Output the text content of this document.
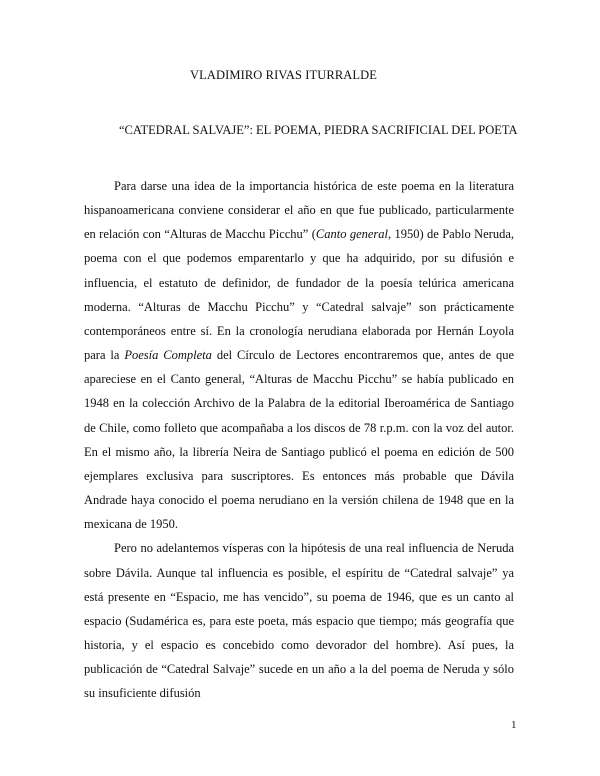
VLADIMIRO RIVAS ITURRALDE
“CATEDRAL SALVAJE”: EL POEMA, PIEDRA SACRIFICIAL DEL POETA

Para darse una idea de la importancia histórica de este poema en la literatura hispanoamericana conviene considerar el año en que fue publicado, particularmente en relación con “Alturas de Macchu Picchu” (Canto general, 1950) de Pablo Neruda, poema con el que podemos emparentarlo y que ha adquirido, por su difusión e influencia, el estatuto de definidor, de fundador de la poesía telúrica americana moderna. “Alturas de Macchu Picchu” y “Catedral salvaje” son prácticamente contemporáneos entre sí. En la cronología nerudiana elaborada por Hernán Loyola para la Poesía Completa del Círculo de Lectores encontraremos que, antes de que apareciese en el Canto general, “Alturas de Macchu Picchu” se había publicado en 1948 en la colección Archivo de la Palabra de la editorial Iberoamérica de Santiago de Chile, como folleto que acompañaba a los discos de 78 r.p.m. con la voz del autor. En el mismo año, la librería Neira de Santiago publicó el poema en edición de 500 ejemplares exclusiva para suscriptores. Es entonces más probable que Dávila Andrade haya conocido el poema nerudiano en la versión chilena de 1948 que en la mexicana de 1950.

Pero no adelantemos vísperas con la hipótesis de una real influencia de Neruda sobre Dávila. Aunque tal influencia es posible, el espíritu de “Catedral salvaje” ya está presente en “Espacio, me has vencido”, su poema de 1946, que es un canto al espacio (Sudamérica es, para este poeta, más espacio que tiempo; más geografía que historia, y el espacio es concebido como devorador del hombre). Así pues, la publicación de “Catedral Salvaje” sucede en un año a la del poema de Neruda y sólo su insuficiente difusión

1
